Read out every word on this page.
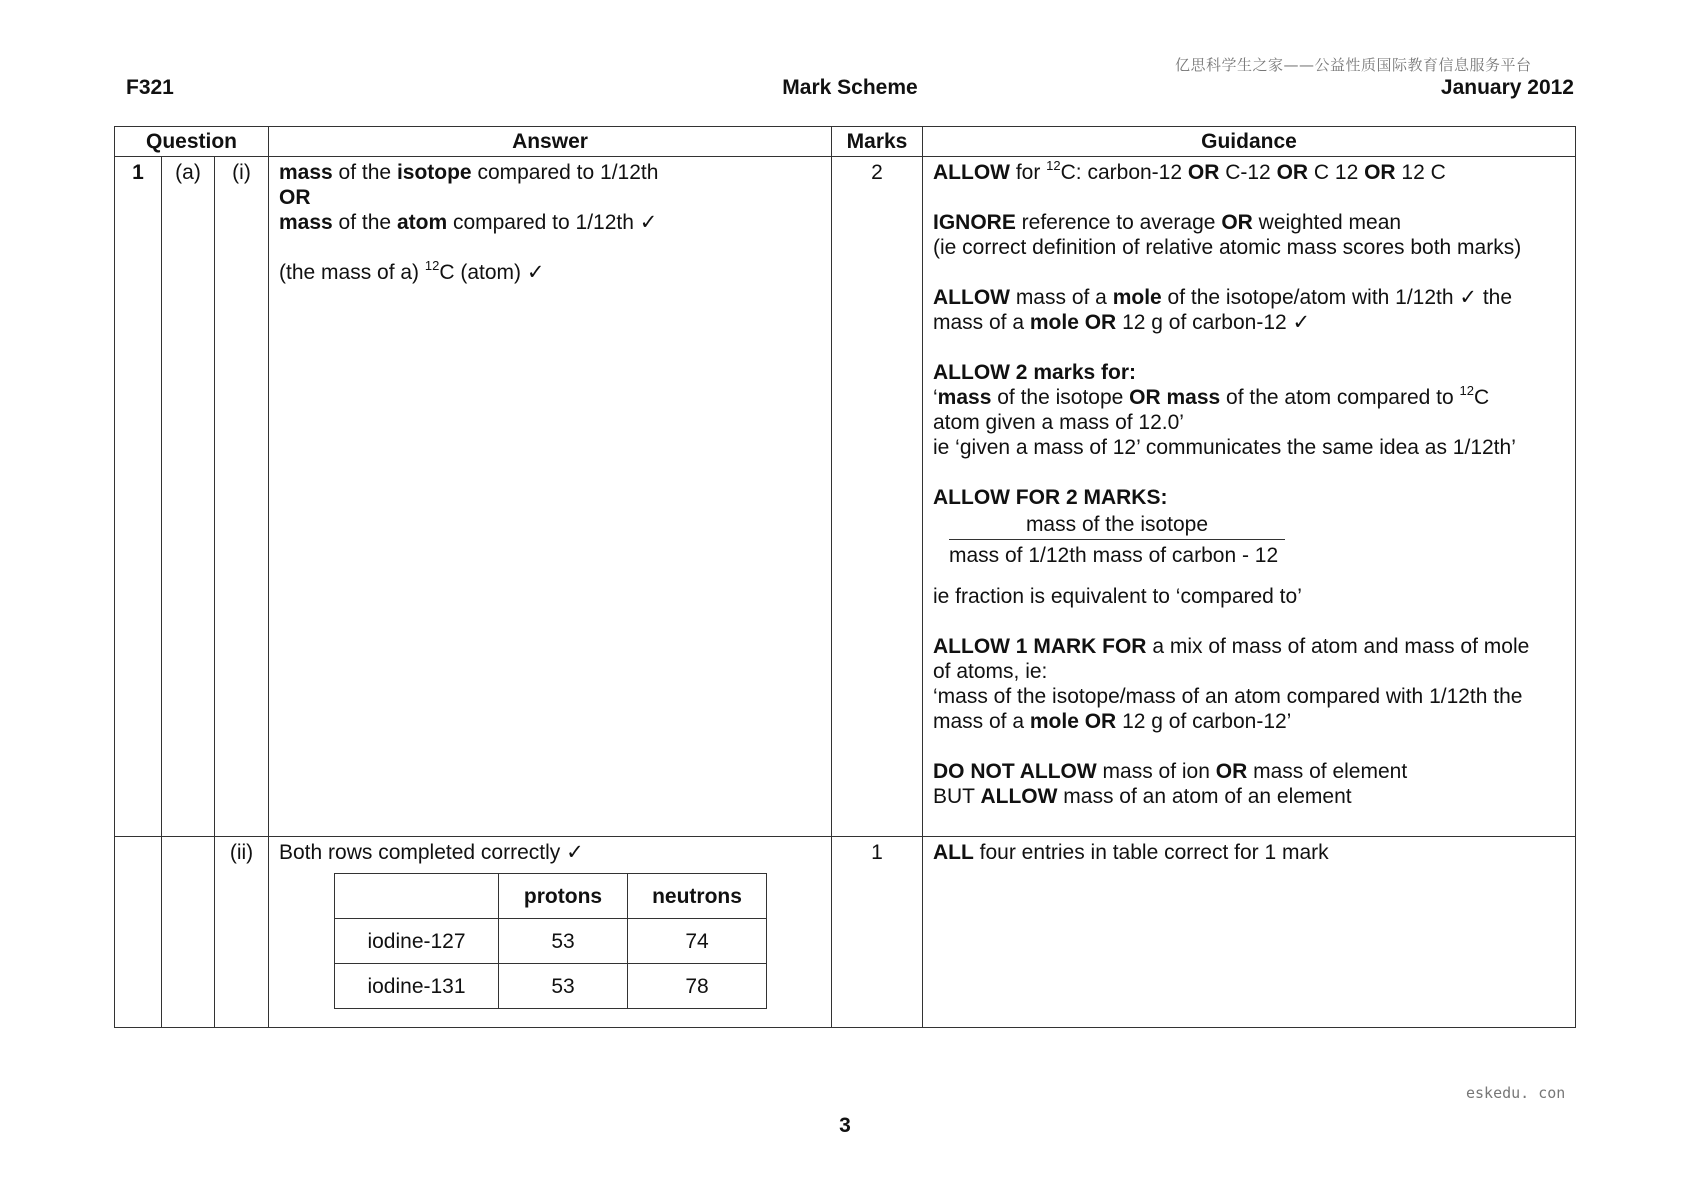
亿思科学生之家——公益性质国际教育信息服务平台
F321	Mark Scheme	January 2012
Question	Answer	Marks	Guidance
1	(a)	(i)	mass of the isotope compared to 1/12th
OR
mass of the atom compared to 1/12th ✓
(the mass of a) $^{12}$C (atom) ✓
	2	ALLOW for $^{12}$C: carbon-12 OR C-12 OR C 12 OR 12 C
IGNORE reference to average OR weighted mean
(ie correct definition of relative atomic mass scores both marks)
ALLOW mass of a mole of the isotope/atom with 1/12th ✓ the
mass of a mole OR 12 g of carbon-12 ✓
ALLOW 2 marks for:
‘mass of the isotope OR mass of the atom compared to $^{12}$C
atom given a mass of 12.0’
ie ‘given a mass of 12’ communicates the same idea as 1/12th’
ALLOW FOR 2 MARKS:
$\frac{\text{mass of the isotope}}{\text{mass of 1/12th mass of carbon - 12}}$
ie fraction is equivalent to ‘compared to’
ALLOW 1 MARK FOR a mix of mass of atom and mass of mole
of atoms, ie:
‘mass of the isotope/mass of an atom compared with 1/12th the
mass of a mole OR 12 g of carbon-12’
DO NOT ALLOW mass of ion OR mass of element
BUT ALLOW mass of an atom of an element

		(ii)	Both rows completed correctly ✓
	protons	neutrons
iodine-127	53	74
iodine-131	53	78
	1	ALL four entries in table correct for 1 mark
eskedu. con
3
